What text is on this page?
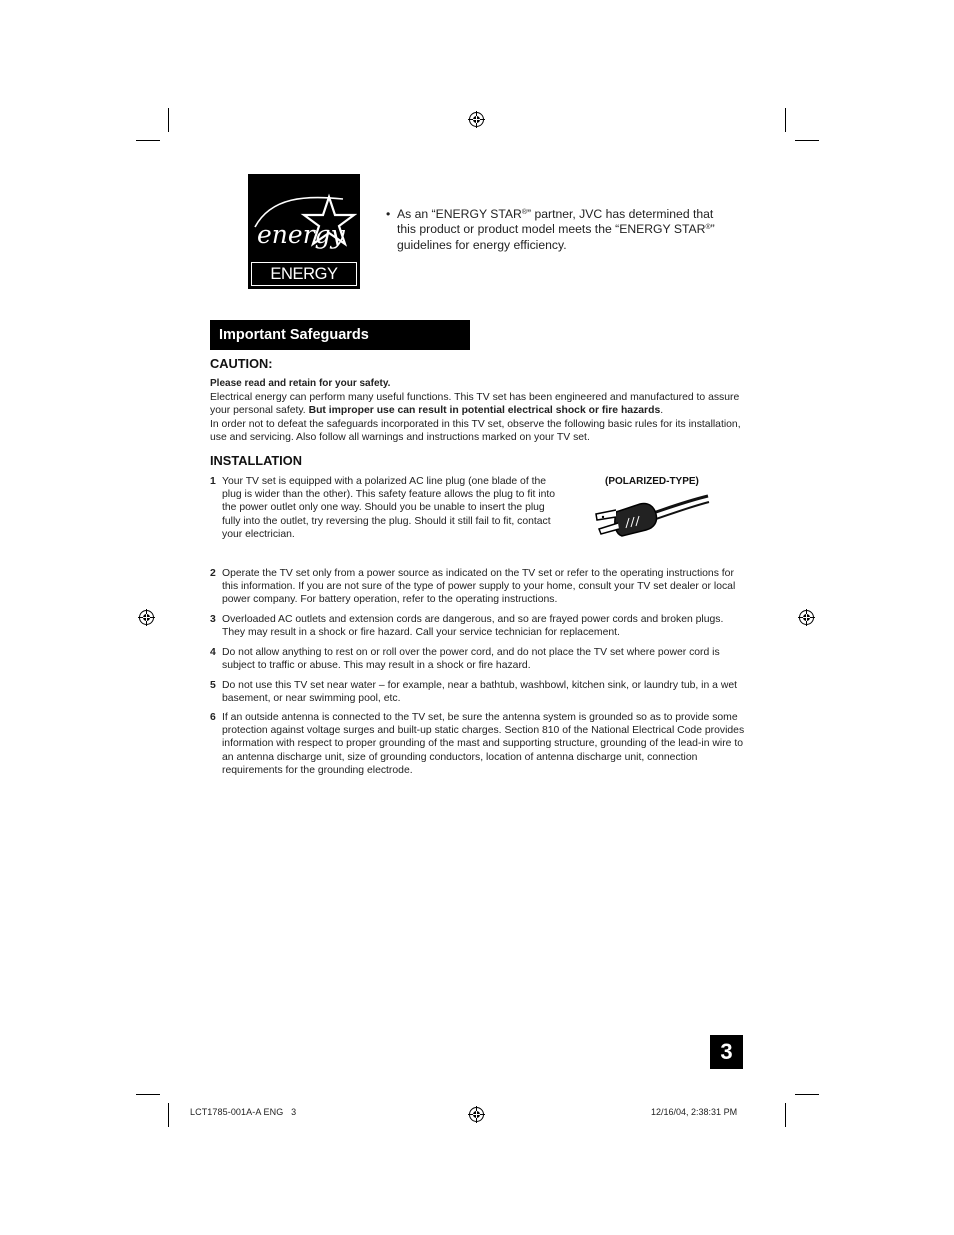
energy
ENERGY STAR
• As an “ENERGY STAR®” partner, JVC has determined that this product or product model meets the “ENERGY STAR®” guidelines for energy efficiency.
Important Safeguards
CAUTION:
Please read and retain for your safety.
Electrical energy can perform many useful functions. This TV set has been engineered and manufactured to assure your personal safety. But improper use can result in potential electrical shock or fire hazards.
In order not to defeat the safeguards incorporated in this TV set, observe the following basic rules for its installation, use and servicing. Also follow all warnings and instructions marked on your TV set.
INSTALLATION
1 Your TV set is equipped with a polarized AC line plug (one blade of the plug is wider than the other). This safety feature allows the plug to fit into the power outlet only one way. Should you be unable to insert the plug fully into the outlet, try reversing the plug. Should it still fail to fit, contact your electrician.
(POLARIZED-TYPE)
2 Operate the TV set only from a power source as indicated on the TV set or refer to the operating instructions for this information. If you are not sure of the type of power supply to your home, consult your TV set dealer or local power company. For battery operation, refer to the operating instructions.
3 Overloaded AC outlets and extension cords are dangerous, and so are frayed power cords and broken plugs. They may result in a shock or fire hazard. Call your service technician for replacement.
4 Do not allow anything to rest on or roll over the power cord, and do not place the TV set where power cord is subject to traffic or abuse. This may result in a shock or fire hazard.
5 Do not use this TV set near water – for example, near a bathtub, washbowl, kitchen sink, or laundry tub, in a wet basement, or near swimming pool, etc.
6 If an outside antenna is connected to the TV set, be sure the antenna system is grounded so as to provide some protection against voltage surges and built-up static charges. Section 810 of the National Electrical Code provides information with respect to proper grounding of the mast and supporting structure, grounding of the lead-in wire to an antenna discharge unit, size of grounding conductors, location of antenna discharge unit, connection requirements for the grounding electrode.
3
LCT1785-001A-A ENG   3	12/16/04, 2:38:31 PM
